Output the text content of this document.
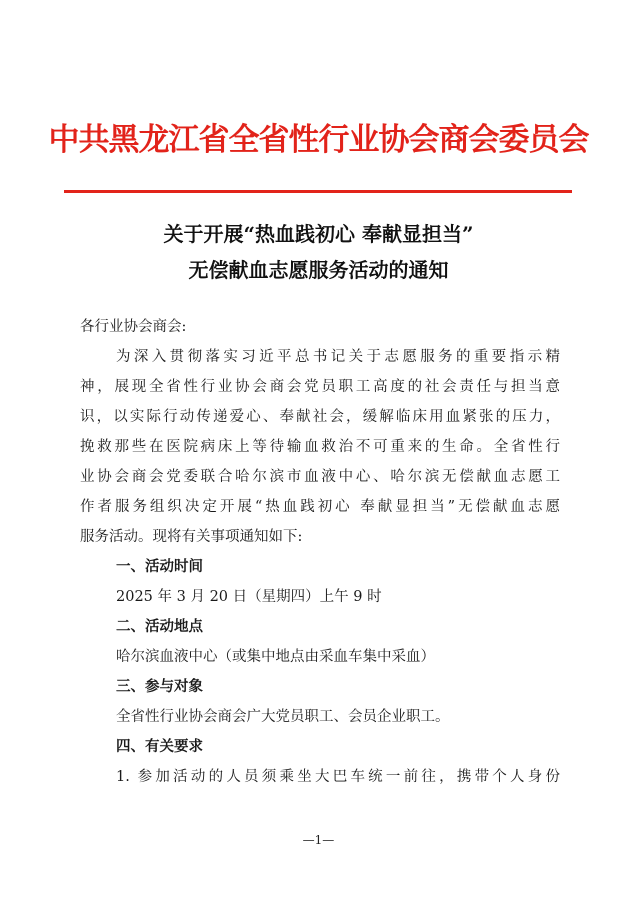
中共黑龙江省全省性行业协会商会委员会
关于开展“热血践初心 奉献显担当”
无偿献血志愿服务活动的通知
各行业协会商会:
为深入贯彻落实习近平总书记关于志愿服务的重要指示精
神，展现全省性行业协会商会党员职工高度的社会责任与担当意
识，以实际行动传递爱心、奉献社会，缓解临床用血紧张的压力，
挽救那些在医院病床上等待输血救治不可重来的生命。全省性行
业协会商会党委联合哈尔滨市血液中心、哈尔滨无偿献血志愿工
作者服务组织决定开展“热血践初心 奉献显担当”无偿献血志愿
服务活动。现将有关事项通知如下:
一、活动时间
2025 年 3 月 20 日（星期四）上午 9 时
二、活动地点
哈尔滨血液中心（或集中地点由采血车集中采血）
三、参与对象
全省性行业协会商会广大党员职工、会员企业职工。
四、有关要求
1. 参加活动的人员须乘坐大巴车统一前往，携带个人身份
—1—
